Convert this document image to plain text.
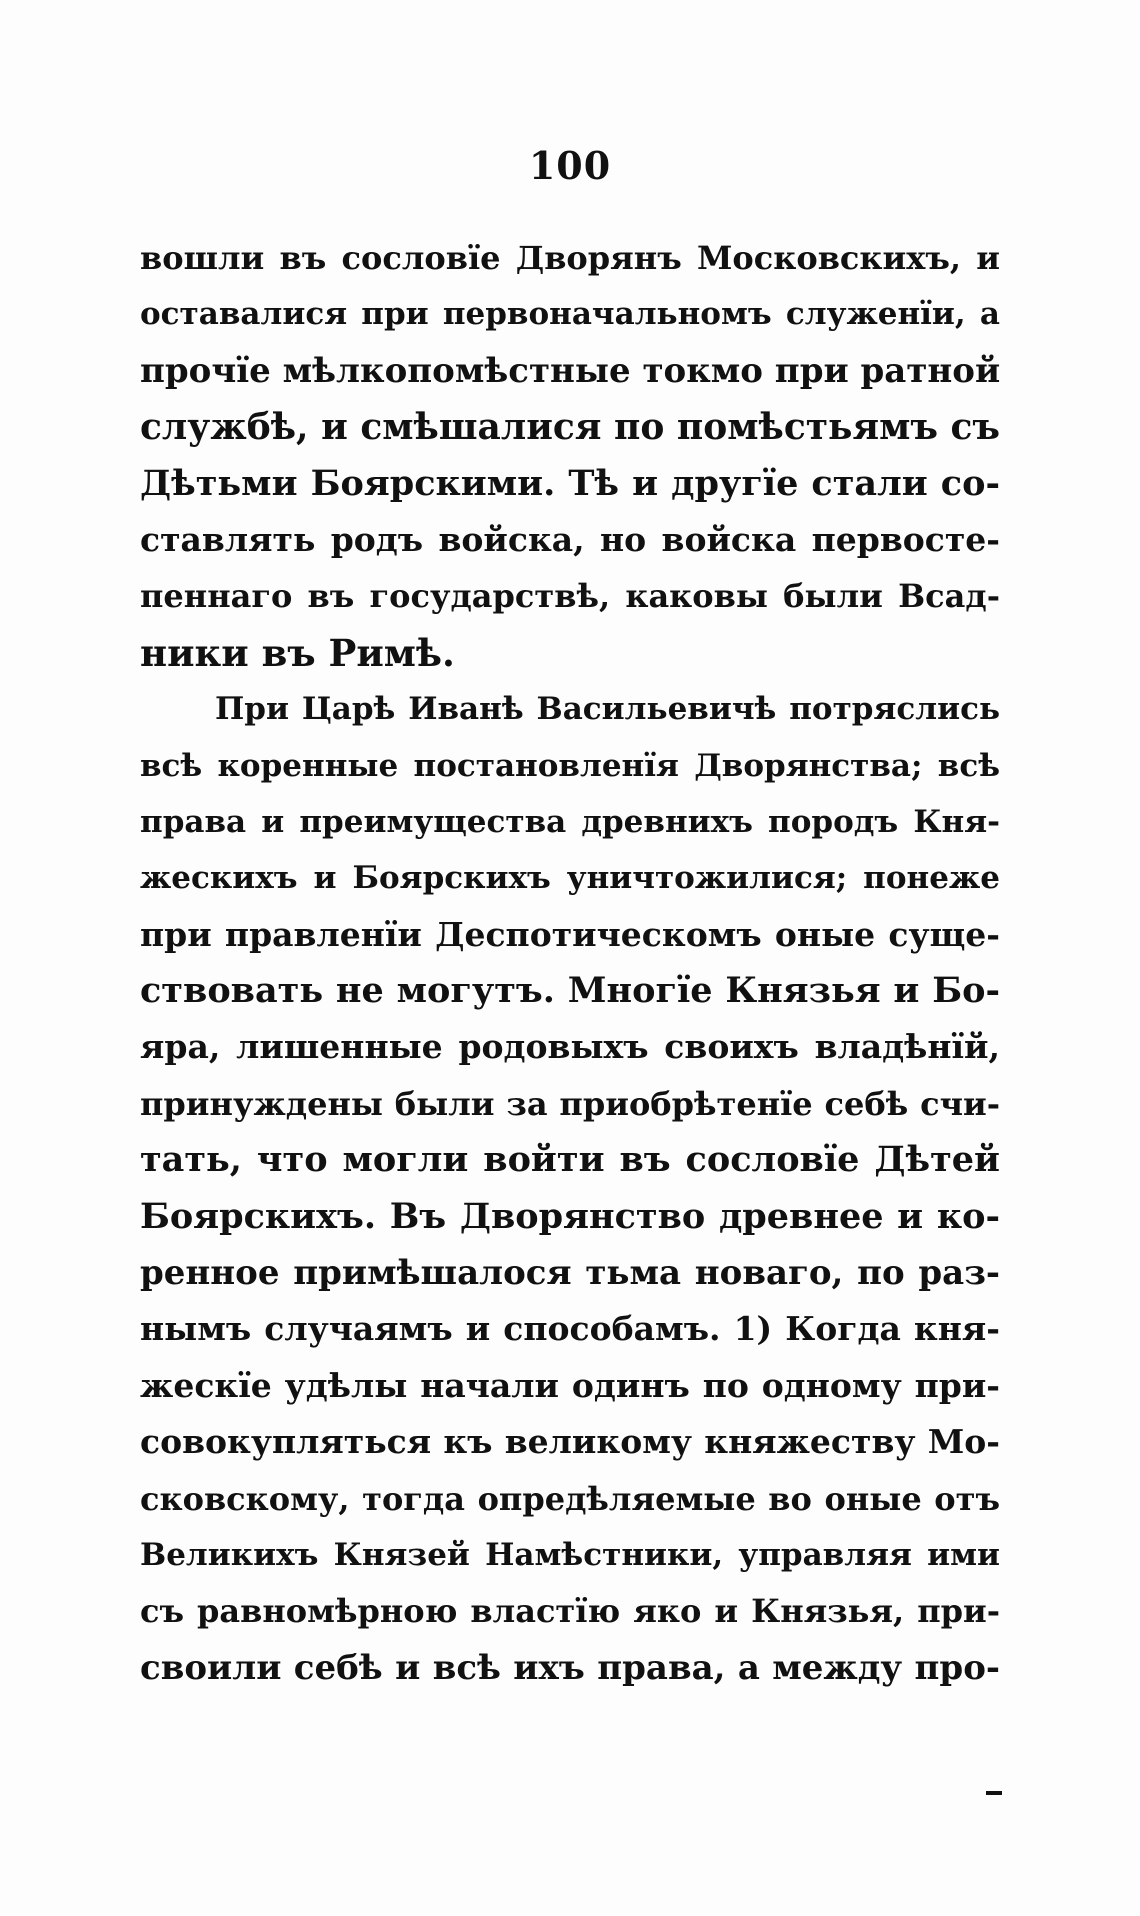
100
вошли въ сословїе Дворянъ Московскихъ, и
оставалися при первоначальномъ служенїи, а
прочїе мѣлкопомѣстные токмо при ратной
службѣ, и смѣшалися по помѣстьямъ съ
Дѣтьми Боярскими. Тѣ и другїе стали со-
ставлять родъ войска, но войска первосте-
пеннаго въ государствѣ, каковы были Всад-
ники въ Римѣ.
При Царѣ Иванѣ Васильевичѣ потряслись
всѣ коренные постановленїя Дворянства; всѣ
права и преимущества древнихъ породъ Кня-
жескихъ и Боярскихъ уничтожилися; понеже
при правленїи Деспотическомъ оные суще-
ствовать не могутъ. Многїе Князья и Бо-
яра, лишенные родовыхъ своихъ владѣнїй,
принуждены были за приобрѣтенїе себѣ счи-
тать, что могли войти въ сословїе Дѣтей
Боярскихъ. Въ Дворянство древнее и ко-
ренное примѣшалося тьма новаго, по раз-
нымъ случаямъ и способамъ. 1) Когда кня-
жескїе удѣлы начали одинъ по одному при-
совокупляться къ великому княжеству Мо-
сковскому, тогда опредѣляемые во оные отъ
Великихъ Князей Намѣстники, управляя ими
съ равномѣрною властїю яко и Князья, при-
своили себѣ и всѣ ихъ права, а между про-
